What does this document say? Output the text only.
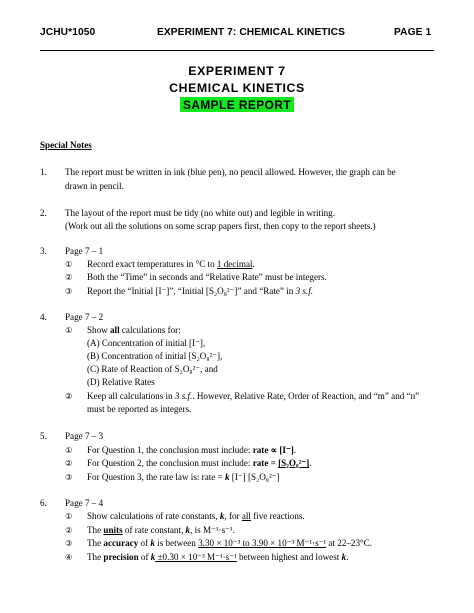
JCHU*1050	EXPERIMENT 7: CHEMICAL KINETICS	PAGE 1
EXPERIMENT 7
CHEMICAL KINETICS
SAMPLE REPORT
Special Notes
1. The report must be written in ink (blue pen), no pencil allowed. However, the graph can be
drawn in pencil.
2. The layout of the report must be tidy (no white out) and legible in writing.
(Work out all the solutions on some scrap papers first, then copy to the report sheets.)
3. Page 7 – 1
① Record exact temperatures in °C to 1 decimal.
② Both the “Time” in seconds and “Relative Rate” must be integers.
③ Report the “Initial [I⁻]”, “Initial [S₂O₈²⁻]” and “Rate” in 3 s.f.
4. Page 7 – 2
① Show all calculations for:
(A) Concentration of initial [I⁻],
(B) Concentration of initial [S₂O₈²⁻],
(C) Rate of Reaction of S₂O₈²⁻, and
(D) Relative Rates
② Keep all calculations in 3 s.f.. However, Relative Rate, Order of Reaction, and “m” and “n”
must be reported as integers.
5. Page 7 – 3
① For Question 1, the conclusion must include: rate ∝ [I⁻].
② For Question 2, the conclusion must include: rate = [S₂O₈²⁻].
③ For Question 3, the rate law is: rate = k [I⁻] [S₂O₈²⁻]
6. Page 7 – 4
① Show calculations of rate constants, k, for all five reactions.
② The units of rate constant, k, is M⁻¹·s⁻¹.
③ The accuracy of k is between 3.30 × 10⁻³ to 3.90 × 10⁻³ M⁻¹·s⁻¹ at 22–23°C.
④ The precision of k ±0.30 × 10⁻³ M⁻¹·s⁻¹ between highest and lowest k.
